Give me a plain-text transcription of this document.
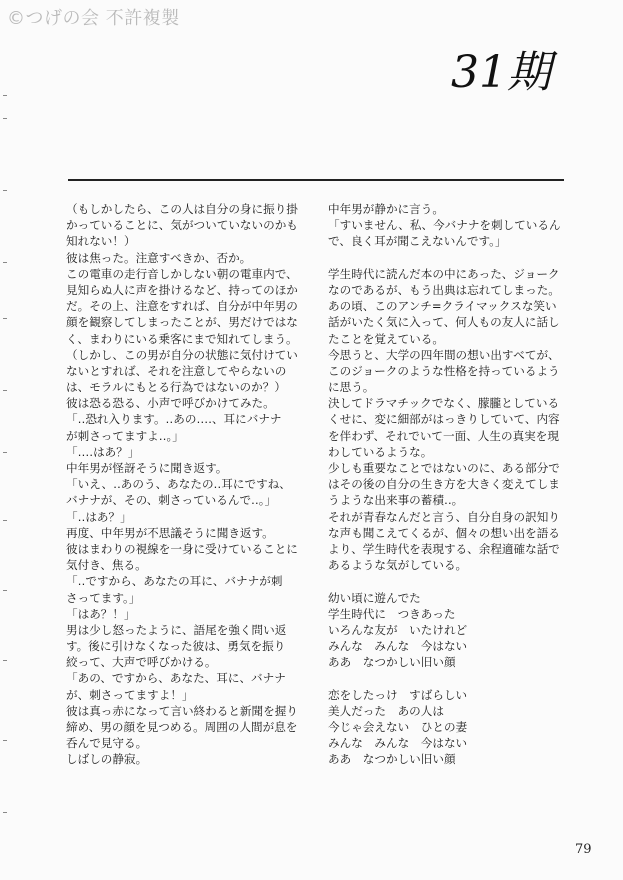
©つげの会 不許複製
31期
（もしかしたら、この人は自分の身に振り掛
かっていることに、気がついていないのかも
知れない！）
彼は焦った。注意すべきか、否か。
この電車の走行音しかしない朝の電車内で、
見知らぬ人に声を掛けるなど、持ってのほか
だ。その上、注意をすれば、自分が中年男の
顔を観察してしまったことが、男だけではな
く、まわりにいる乗客にまで知れてしまう。
（しかし、この男が自分の状態に気付けてい
ないとすれば、それを注意してやらないの
は、モラルにもとる行為ではないのか？）
彼は恐る恐る、小声で呼びかけてみた。
「‥恐れ入ります。‥あの‥‥、耳にバナナ
が刺さってますよ‥。」
「‥‥はあ？」
中年男が怪訝そうに聞き返す。
「いえ、‥あのう、あなたの‥耳にですね、
バナナが、その、刺さっているんで‥。」
「‥はあ？」
再度、中年男が不思議そうに聞き返す。
彼はまわりの視線を一身に受けていることに
気付き、焦る。
「‥ですから、あなたの耳に、バナナが刺
さってます。」
「はあ？！」
男は少し怒ったように、語尾を強く問い返
す。後に引けなくなった彼は、勇気を振り
絞って、大声で呼びかける。
「あの、ですから、あなた、耳に、バナナ
が、刺さってますよ！」
彼は真っ赤になって言い終わると新聞を握り
締め、男の顔を見つめる。周囲の人間が息を
呑んで見守る。
しばしの静寂。
中年男が静かに言う。
「すいません、私、今バナナを刺しているん
で、良く耳が聞こえないんです。」
学生時代に読んだ本の中にあった、ジョーク
なのであるが、もう出典は忘れてしまった。
あの頃、このアンチ=クライマックスな笑い
話がいたく気に入って、何人もの友人に話し
たことを覚えている。
今思うと、大学の四年間の想い出すべてが、
このジョークのような性格を持っているよう
に思う。
決してドラマチックでなく、朦朧としている
くせに、変に細部がはっきりしていて、内容
を伴わず、それでいて一面、人生の真実を現
わしているような。
少しも重要なことではないのに、ある部分で
はその後の自分の生き方を大きく変えてしま
うような出来事の蓄積‥。
それが青春なんだと言う、自分自身の訳知り
な声も聞こえてくるが、個々の想い出を語る
より、学生時代を表現する、余程適確な話で
あるような気がしている。
幼い頃に遊んでた
学生時代に　つきあった
いろんな友が　いたけれど
みんな　みんな　今はない
ああ　なつかしい旧い顔
恋をしたっけ　すばらしい
美人だった　あの人は
今じゃ会えない　ひとの妻
みんな　みんな　今はない
ああ　なつかしい旧い顔
79
